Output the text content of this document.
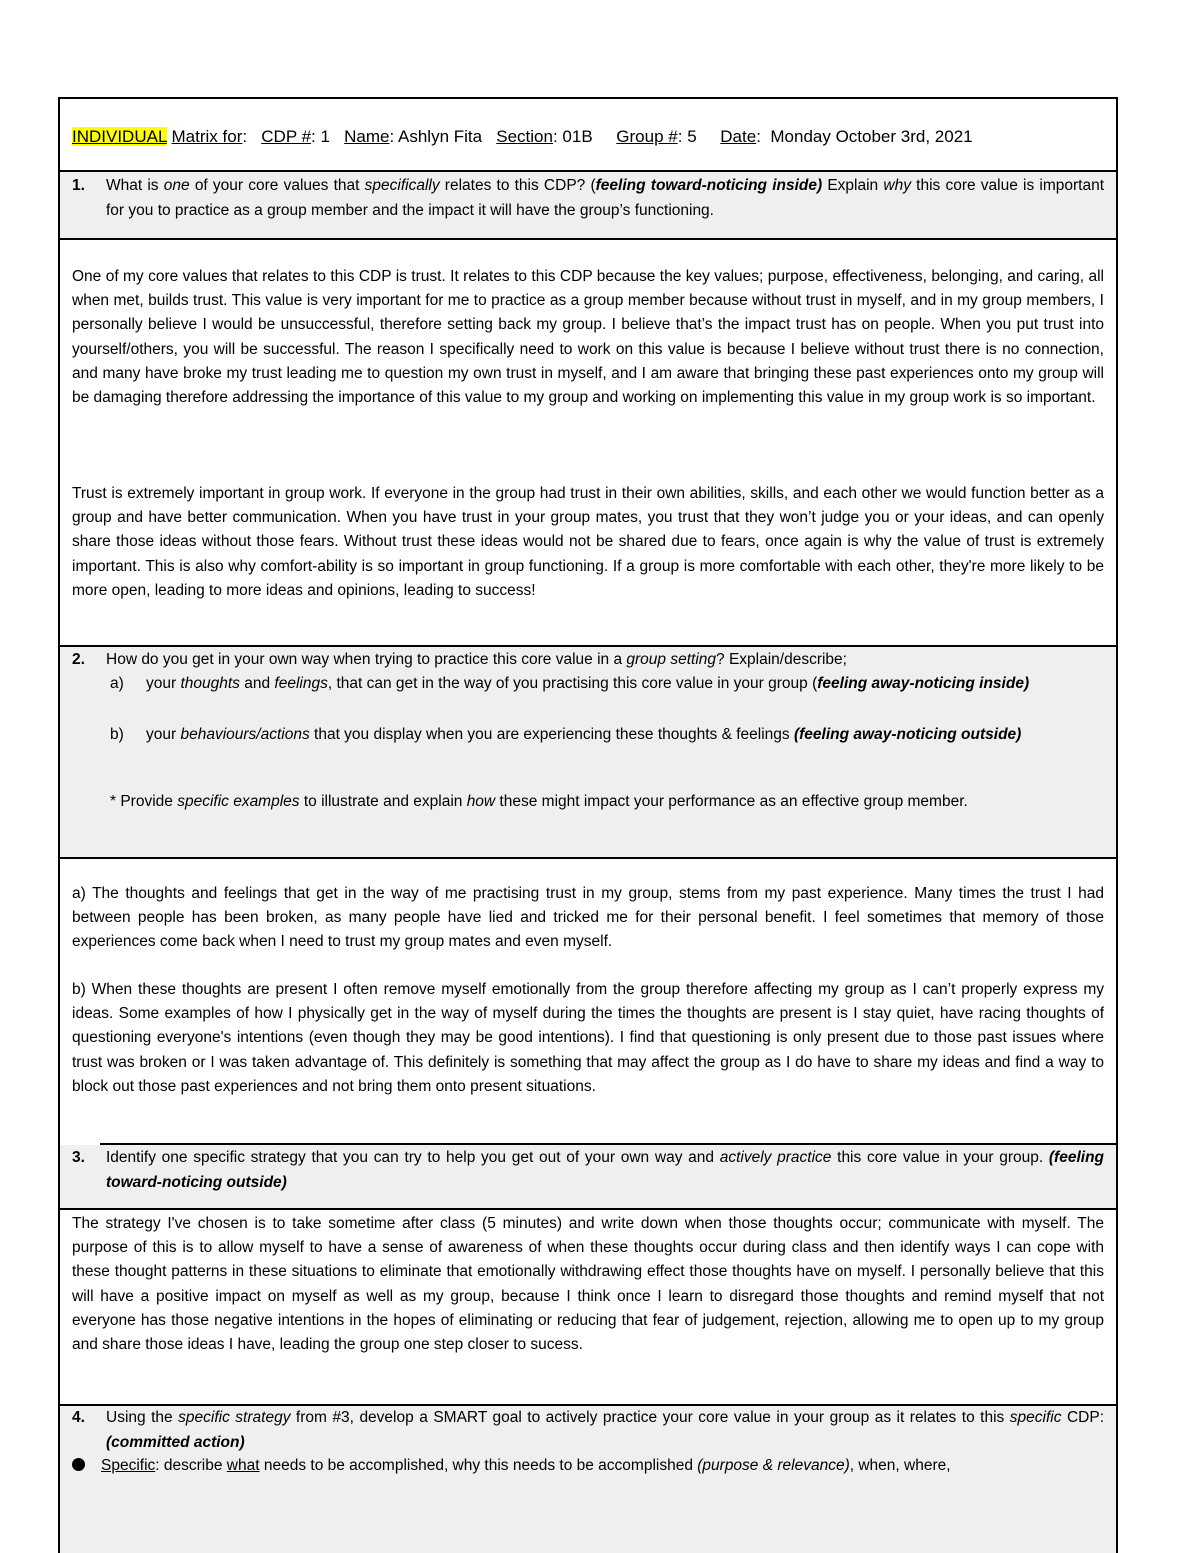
INDIVIDUAL Matrix for:   CDP #: 1 Name: Ashlyn Fita Section: 01B Group #: 5 Date:  Monday October 3rd, 2021
1. What is one of your core values that specifically relates to this CDP? (feeling toward-noticing inside) Explain why this core value is important for you to practice as a group member and the impact it will have the group’s functioning.

One of my core values that relates to this CDP is trust. It relates to this CDP because the key values; purpose, effectiveness, belonging, and caring, all when met, builds trust. This value is very important for me to practice as a group member because without trust in myself, and in my group members, I personally believe I would be unsuccessful, therefore setting back my group. I believe that’s the impact trust has on people. When you put trust into yourself/others, you will be successful. The reason I specifically need to work on this value is because I believe without trust there is no connection, and many have broke my trust leading me to question my own trust in myself, and I am aware that bringing these past experiences onto my group will be damaging therefore addressing the importance of this value to my group and working on implementing this value in my group work is so important.

Trust is extremely important in group work. If everyone in the group had trust in their own abilities, skills, and each other we would function better as a group and have better communication. When you have trust in your group mates, you trust that they won’t judge you or your ideas, and can openly share those ideas without those fears. Without trust these ideas would not be shared due to fears, once again is why the value of trust is extremely important. This is also why comfort-ability is so important in group functioning. If a group is more comfortable with each other, they're more likely to be more open, leading to more ideas and opinions, leading to success!

2. How do you get in your own way when trying to practice this core value in a group setting? Explain/describe;
a) your thoughts and feelings, that can get in the way of you practising this core value in your group (feeling away-noticing inside)
b) your behaviours/actions that you display when you are experiencing these thoughts & feelings (feeling away-noticing outside)
* Provide specific examples to illustrate and explain how these might impact your performance as an effective group member.

a) The thoughts and feelings that get in the way of me practising trust in my group, stems from my past experience. Many times the trust I had between people has been broken, as many people have lied and tricked me for their personal benefit. I feel sometimes that memory of those experiences come back when I need to trust my group mates and even myself.

b) When these thoughts are present I often remove myself emotionally from the group therefore affecting my group as I can’t properly express my ideas. Some examples of how I physically get in the way of myself during the times the thoughts are present is I stay quiet, have racing thoughts of questioning everyone's intentions (even though they may be good intentions). I find that questioning is only present due to those past issues where trust was broken or I was taken advantage of. This definitely is something that may affect the group as I do have to share my ideas and find a way to block out those past experiences and not bring them onto present situations.

3. Identify one specific strategy that you can try to help you get out of your own way and actively practice this core value in your group. (feeling toward-noticing outside)

The strategy I've chosen is to take sometime after class (5 minutes) and write down when those thoughts occur; communicate with myself. The purpose of this is to allow myself to have a sense of awareness of when these thoughts occur during class and then identify ways I can cope with these thought patterns in these situations to eliminate that emotionally withdrawing effect those thoughts have on myself. I personally believe that this will have a positive impact on myself as well as my group, because I think once I learn to disregard those thoughts and remind myself that not everyone has those negative intentions in the hopes of eliminating or reducing that fear of judgement, rejection, allowing me to open up to my group and share those ideas I have, leading the group one step closer to sucess.

4. Using the specific strategy from #3, develop a SMART goal to actively practice your core value in your group as it relates to this specific CDP: (committed action)
Specific: describe what needs to be accomplished, why this needs to be accomplished (purpose & relevance), when, where,
